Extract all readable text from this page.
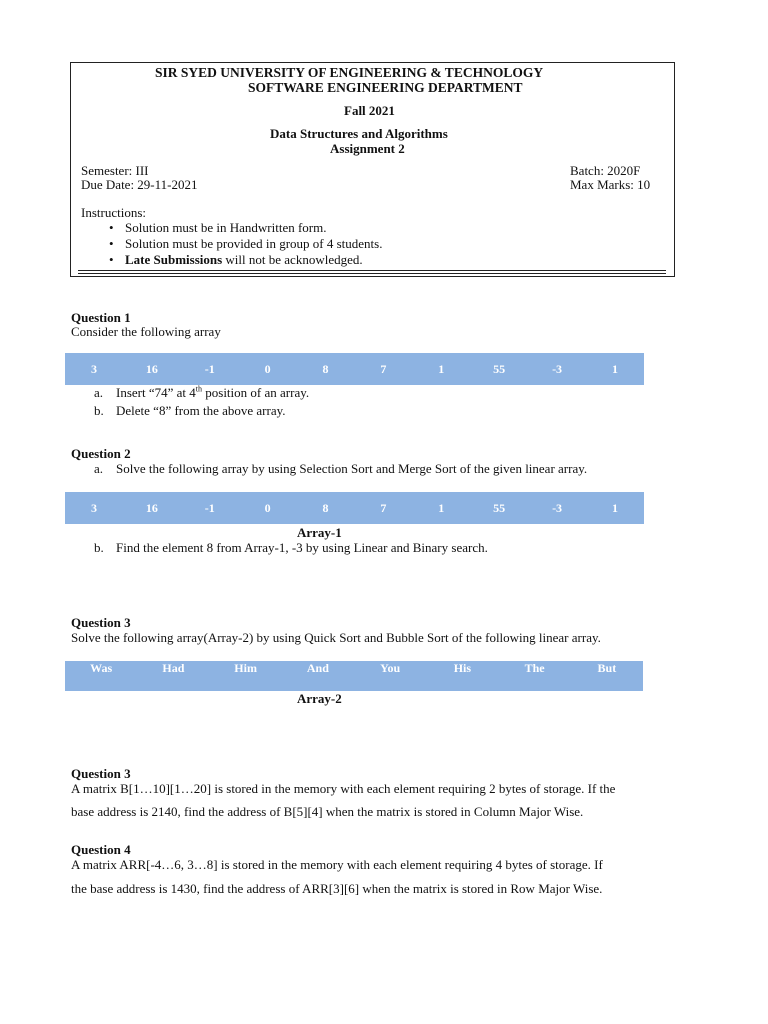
SIR SYED UNIVERSITY OF ENGINEERING & TECHNOLOGY
SOFTWARE ENGINEERING DEPARTMENT
Fall 2021
Data Structures and Algorithms
Assignment 2
Semester: III
Due Date: 29-11-2021
Batch: 2020F
Max Marks: 10
Instructions:
• Solution must be in Handwritten form.
• Solution must be provided in group of 4 students.
• Late Submissions will not be acknowledged.
Question 1
Consider the following array
3	16	-1	0	8	7	1	55	-3	1
a. Insert “74” at 4th position of an array.
b. Delete “8” from the above array.
Question 2
a. Solve the following array by using Selection Sort and Merge Sort of the given linear array.
3	16	-1	0	8	7	1	55	-3	1
Array-1
b. Find the element 8 from Array-1, -3 by using Linear and Binary search.
Question 3
Solve the following array(Array-2) by using Quick Sort and Bubble Sort of the following linear array.
Was	Had	Him	And	You	His	The	But
Array-2
Question 3
A matrix B[1…10][1…20] is stored in the memory with each element requiring 2 bytes of storage. If the
base address is 2140, find the address of B[5][4] when the matrix is stored in Column Major Wise.
Question 4
A matrix ARR[-4…6, 3…8] is stored in the memory with each element requiring 4 bytes of storage. If
the base address is 1430, find the address of ARR[3][6] when the matrix is stored in Row Major Wise.
